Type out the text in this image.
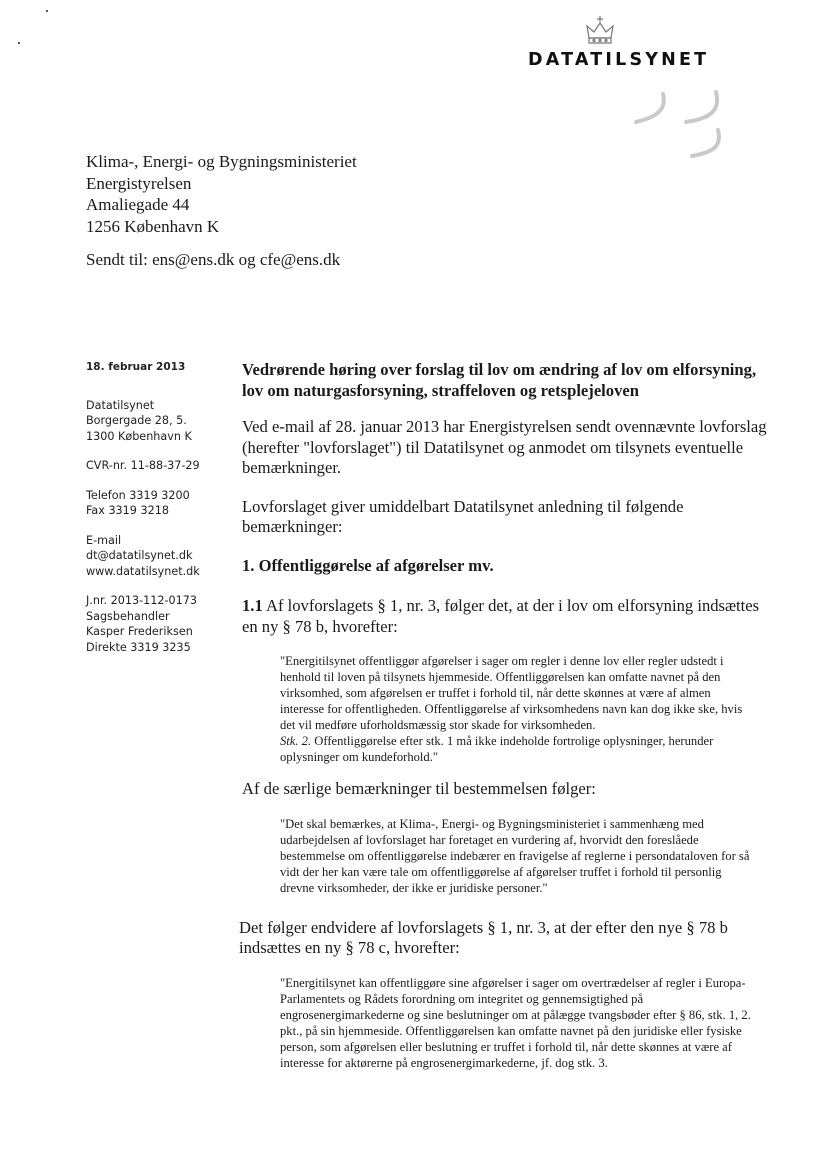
DATATILSYNET
Klima-, Energi- og Bygningsministeriet
Energistyrelsen
Amaliegade 44
1256 København K
Sendt til: ens@ens.dk og cfe@ens.dk
18. februar 2013
Datatilsynet
Borgergade 28, 5.
1300 København K
CVR-nr. 11-88-37-29
Telefon 3319 3200
Fax 3319 3218
E-mail
dt@datatilsynet.dk
www.datatilsynet.dk
J.nr. 2013-112-0173
Sagsbehandler
Kasper Frederiksen
Direkte 3319 3235

Vedrørende høring over forslag til lov om ændring af lov om elforsyning, lov om naturgasforsyning, straffeloven og retsplejeloven

Ved e-mail af 28. januar 2013 har Energistyrelsen sendt ovennævnte lovforslag (herefter "lovforslaget") til Datatilsynet og anmodet om tilsynets eventuelle bemærkninger.

Lovforslaget giver umiddelbart Datatilsynet anledning til følgende bemærkninger:

1. Offentliggørelse af afgørelser mv.

1.1 Af lovforslagets § 1, nr. 3, følger det, at der i lov om elforsyning indsættes en ny § 78 b, hvorefter:

"Energitilsynet offentliggør afgørelser i sager om regler i denne lov eller regler udstedt i henhold til loven på tilsynets hjemmeside. Offentliggørelsen kan omfatte navnet på den virksomhed, som afgørelsen er truffet i forhold til, når dette skønnes at være af almen interesse for offentligheden. Offentliggørelse af virksomhedens navn kan dog ikke ske, hvis det vil medføre uforholdsmæssig stor skade for virksomheden.
Stk. 2. Offentliggørelse efter stk. 1 må ikke indeholde fortrolige oplysninger, herunder oplysninger om kundeforhold."

Af de særlige bemærkninger til bestemmelsen følger:

"Det skal bemærkes, at Klima-, Energi- og Bygningsministeriet i sammenhæng med udarbejdelsen af lovforslaget har foretaget en vurdering af, hvorvidt den foreslåede bestemmelse om offentliggørelse indebærer en fravigelse af reglerne i persondataloven for så vidt der her kan være tale om offentliggørelse af afgørelser truffet i forhold til personlig drevne virksomheder, der ikke er juridiske personer."

Det følger endvidere af lovforslagets § 1, nr. 3, at der efter den nye § 78 b indsættes en ny § 78 c, hvorefter:

"Energitilsynet kan offentliggøre sine afgørelser i sager om overtrædelser af regler i Europa-Parlamentets og Rådets forordning om integritet og gennemsigtighed på engrosenergimarkederne og sine beslutninger om at pålægge tvangsbøder efter § 86, stk. 1, 2. pkt., på sin hjemmeside. Offentliggørelsen kan omfatte navnet på den juridiske eller fysiske person, som afgørelsen eller beslutning er truffet i forhold til, når dette skønnes at være af interesse for aktørerne på engrosenergimarkederne, jf. dog stk. 3.
